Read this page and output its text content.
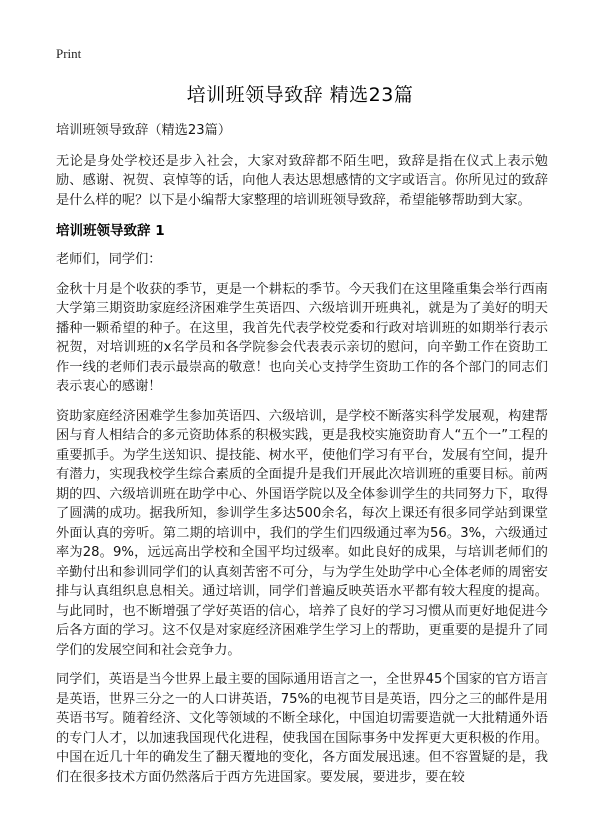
Print
培训班领导致辞 精选23篇

培训班领导致辞（精选23篇）

无论是身处学校还是步入社会，大家对致辞都不陌生吧，致辞是指在仪式上表示勉励、感谢、祝贺、哀悼等的话，向他人表达思想感情的文字或语言。你所见过的致辞是什么样的呢？以下是小编帮大家整理的培训班领导致辞，希望能够帮助到大家。

培训班领导致辞 1

老师们，同学们：

金秋十月是个收获的季节，更是一个耕耘的季节。今天我们在这里隆重集会举行西南大学第三期资助家庭经济困难学生英语四、六级培训开班典礼，就是为了美好的明天播种一颗希望的种子。在这里，我首先代表学校党委和行政对培训班的如期举行表示祝贺，对培训班的x名学员和各学院参会代表表示亲切的慰问，向辛勤工作在资助工作一线的老师们表示最崇高的敬意！也向关心支持学生资助工作的各个部门的同志们表示衷心的感谢！

资助家庭经济困难学生参加英语四、六级培训，是学校不断落实科学发展观，构建帮困与育人相结合的多元资助体系的积极实践，更是我校实施资助育人“五个一”工程的重要抓手。为学生送知识、提技能、树水平，使他们学习有平台，发展有空间，提升有潜力，实现我校学生综合素质的全面提升是我们开展此次培训班的重要目标。前两期的四、六级培训班在助学中心、外国语学院以及全体参训学生的共同努力下，取得了圆满的成功。据我所知，参训学生多达500余名，每次上课还有很多同学站到课堂外面认真的旁听。第二期的培训中，我们的学生们四级通过率为56。3%，六级通过率为28。9%，远远高出学校和全国平均过级率。如此良好的成果，与培训老师们的辛勤付出和参训同学们的认真刻苦密不可分，与为学生处助学中心全体老师的周密安排与认真组织息息相关。通过培训，同学们普遍反映英语水平都有较大程度的提高。与此同时，也不断增强了学好英语的信心，培养了良好的学习习惯从而更好地促进今后各方面的学习。这不仅是对家庭经济困难学生学习上的帮助，更重要的是提升了同学们的发展空间和社会竞争力。

同学们，英语是当今世界上最主要的国际通用语言之一，全世界45个国家的官方语言是英语，世界三分之一的人口讲英语，75%的电视节目是英语，四分之三的邮件是用英语书写。随着经济、文化等领域的不断全球化，中国迫切需要造就一大批精通外语的专门人才，以加速我国现代化进程，使我国在国际事务中发挥更大更积极的作用。中国在近几十年的确发生了翻天覆地的变化，各方面发展迅速。但不容置疑的是，我们在很多技术方面仍然落后于西方先进国家。要发展，要进步，要在较
